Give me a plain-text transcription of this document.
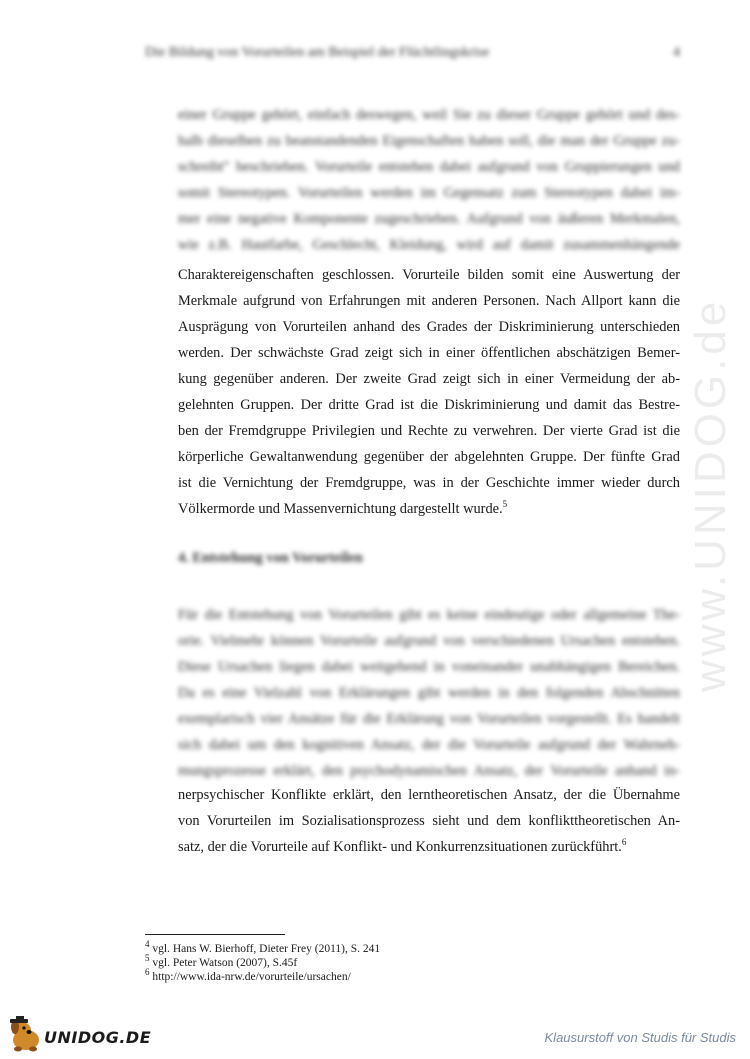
Die Bildung von Vorurteilen am Beispiel der Flüchtlingskrise	4
www.UNIDOG.de
einer Gruppe gehört, einfach deswegen, weil Sie zu dieser Gruppe gehört und des-
halb dieselben zu beanstandenden Eigenschaften haben soll, die man der Gruppe zu-
schreibt" beschrieben. Vorurteile entstehen dabei aufgrund von Gruppierungen und
somit Stereotypen. Vorurteilen werden im Gegensatz zum Stereotypen dabei im-
mer eine negative Komponente zugeschrieben. Aufgrund von äußeren Merkmalen,
wie z.B. Hautfarbe, Geschlecht, Kleidung, wird auf damit zusammenhängende
Charaktereigenschaften geschlossen. Vorurteile bilden somit eine Auswertung der
Merkmale aufgrund von Erfahrungen mit anderen Personen. Nach Allport kann die
Ausprägung von Vorurteilen anhand des Grades der Diskriminierung unterschieden
werden. Der schwächste Grad zeigt sich in einer öffentlichen abschätzigen Bemer-
kung gegenüber anderen. Der zweite Grad zeigt sich in einer Vermeidung der ab-
gelehnten Gruppen. Der dritte Grad ist die Diskriminierung und damit das Bestre-
ben der Fremdgruppe Privilegien und Rechte zu verwehren. Der vierte Grad ist die
körperliche Gewaltanwendung gegenüber der abgelehnten Gruppe. Der fünfte Grad
ist die Vernichtung der Fremdgruppe, was in der Geschichte immer wieder durch
Völkermorde und Massenvernichtung dargestellt wurde.$^5$
4. Entstehung von Vorurteilen
Für die Entstehung von Vorurteilen gibt es keine eindeutige oder allgemeine The-
orie. Vielmehr können Vorurteile aufgrund von verschiedenen Ursachen entstehen.
Diese Ursachen liegen dabei weitgehend in voneinander unabhängigen Bereichen.
Da es eine Vielzahl von Erklärungen gibt werden in den folgenden Abschnitten
exemplarisch vier Ansätze für die Erklärung von Vorurteilen vorgestellt. Es handelt
sich dabei um den kognitiven Ansatz, der die Vorurteile aufgrund der Wahrneh-
mungsprozesse erklärt, den psychodynamischen Ansatz, der Vorurteile anhand in-
nerpsychischer Konflikte erklärt, den lerntheoretischen Ansatz, der die Übernahme
von Vorurteilen im Sozialisationsprozess sieht und dem konflikttheoretischen An-
satz, der die Vorurteile auf Konflikt- und Konkurrenzsituationen zurückführt.$^6$
$^4$ vgl. Hans W. Bierhoff, Dieter Frey (2011), S. 241
$^5$ vgl. Peter Watson (2007), S.45f
$^6$ http://www.ida-nrw.de/vorurteile/ursachen/
UNIDOG.DE	Klausurstoff von Studis für Studis
